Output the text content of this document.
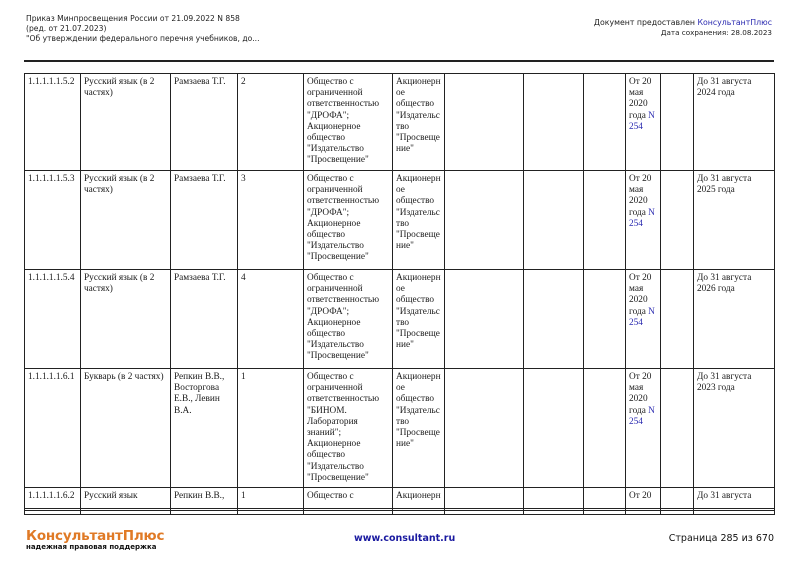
Приказ Минпросвещения России от 21.09.2022 N 858
(ред. от 21.07.2023)
"Об утверждении федерального перечня учебников, до...
Документ предоставлен КонсультантПлюс
Дата сохранения: 28.08.2023
1.1.1.1.1.5.2	Русский язык (в 2 частях)	Рамзаева Т.Г.	2	Общество с ограниченной ответственностью "ДРОФА"; Акционерное общество "Издательство "Просвещение"	Акционерн ое общество "Издательс тво "Просвеще ние"				От 20 мая 2020 года N 254		До 31 августа 2024 года
1.1.1.1.1.5.3	Русский язык (в 2 частях)	Рамзаева Т.Г.	3	Общество с ограниченной ответственностью "ДРОФА"; Акционерное общество "Издательство "Просвещение"	Акционерн ое общество "Издательс тво "Просвеще ние"				От 20 мая 2020 года N 254		До 31 августа 2025 года
1.1.1.1.1.5.4	Русский язык (в 2 частях)	Рамзаева Т.Г.	4	Общество с ограниченной ответственностью "ДРОФА"; Акционерное общество "Издательство "Просвещение"	Акционерн ое общество "Издательс тво "Просвеще ние"				От 20 мая 2020 года N 254		До 31 августа 2026 года
1.1.1.1.1.6.1	Букварь (в 2 частях)	Репкин В.В., Восторгова Е.В., Левин В.А.	1	Общество с ограниченной ответственностью "БИНОМ. Лаборатория знаний"; Акционерное общество "Издательство "Просвещение"	Акционерн ое общество "Издательс тво "Просвеще ние"				От 20 мая 2020 года N 254		До 31 августа 2023 года
1.1.1.1.1.6.2	Русский язык	Репкин В.В.,	1	Общество с	Акционерн				От 20		До 31 августа
КонсультантПлюс
надежная правовая поддержка
www.consultant.ru	Страница 285 из 670
